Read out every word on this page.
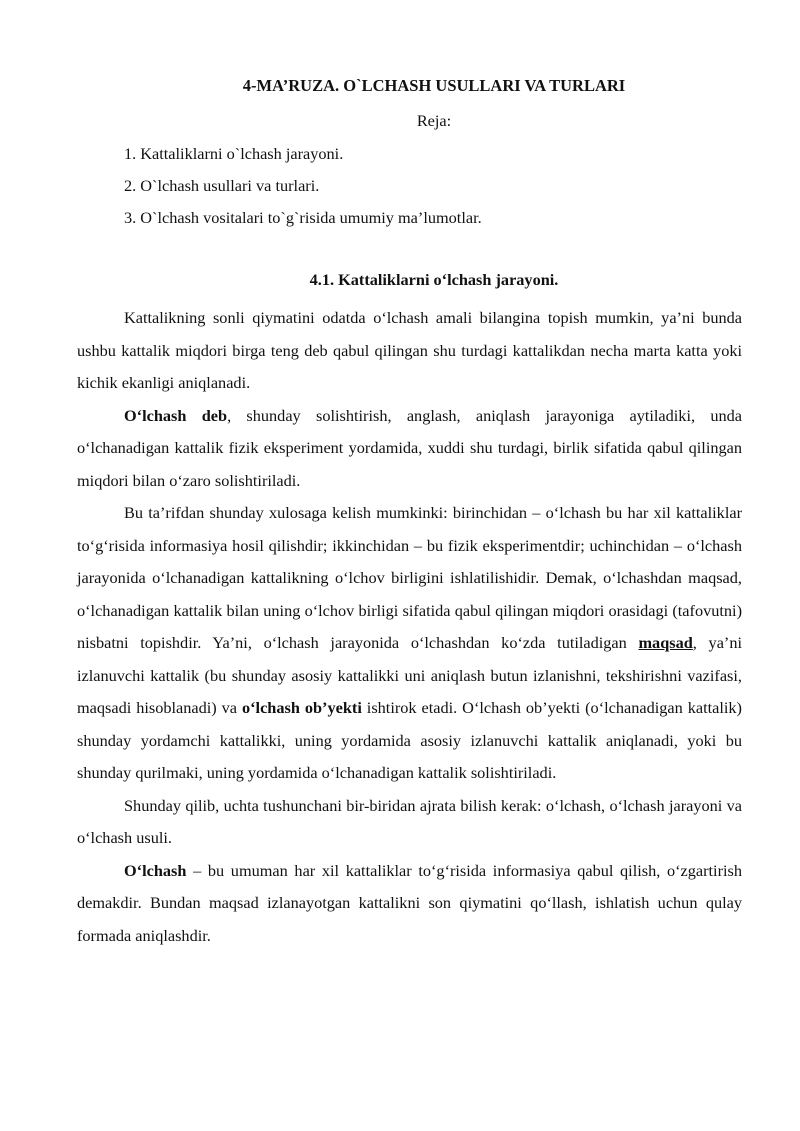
4-MA’RUZA. O`LCHASH USULLARI VA TURLARI
Reja:
1. Kattaliklarni o`lchash jarayoni.
2. O`lchash usullari va turlari.
3. O`lchash vositalari to`g`risida umumiy ma’lumotlar.
4.1. Kattaliklarni o‘lchash jarayoni.

Kattalikning sonli qiymatini odatda o‘lchash amali bilangina topish mumkin, ya’ni bunda ushbu kattalik miqdori birga teng deb qabul qilingan shu turdagi kattalikdan necha marta katta yoki kichik ekanligi aniqlanadi.

O‘lchash deb, shunday solishtirish, anglash, aniqlash jarayoniga aytiladiki, unda o‘lchanadigan kattalik fizik eksperiment yordamida, xuddi shu turdagi, birlik sifatida qabul qilingan miqdori bilan o‘zaro solishtiriladi.

Bu ta’rifdan shunday xulosaga kelish mumkinki: birinchidan – o‘lchash bu har xil kattaliklar to‘g‘risida informasiya hosil qilishdir; ikkinchidan – bu fizik eksperimentdir; uchinchidan – o‘lchash jarayonida o‘lchanadigan kattalikning o‘lchov birligini ishlatilishidir. Demak, o‘lchashdan maqsad, o‘lchanadigan kattalik bilan uning o‘lchov birligi sifatida qabul qilingan miqdori orasidagi (tafovutni) nisbatni topishdir. Ya’ni, o‘lchash jarayonida o‘lchashdan ko‘zda tutiladigan maqsad, ya’ni izlanuvchi kattalik (bu shunday asosiy kattalikki uni aniqlash butun izlanishni, tekshirishni vazifasi, maqsadi hisoblanadi) va o‘lchash ob’yekti ishtirok etadi. O‘lchash ob’yekti (o‘lchanadigan kattalik) shunday yordamchi kattalikki, uning yordamida asosiy izlanuvchi kattalik aniqlanadi, yoki bu shunday qurilmaki, uning yordamida o‘lchanadigan kattalik solishtiriladi.

Shunday qilib, uchta tushunchani bir-biridan ajrata bilish kerak: o‘lchash, o‘lchash jarayoni va o‘lchash usuli.

O‘lchash – bu umuman har xil kattaliklar to‘g‘risida informasiya qabul qilish, o‘zgartirish demakdir. Bundan maqsad izlanayotgan kattalikni son qiymatini qo‘llash, ishlatish uchun qulay formada aniqlashdir.
